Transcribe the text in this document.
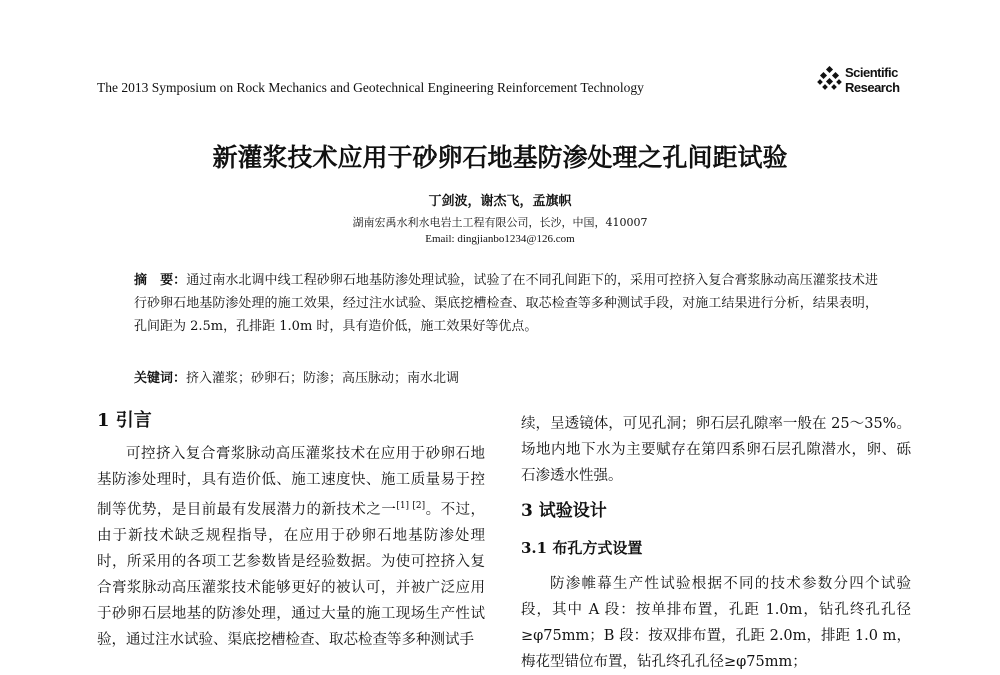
The 2013 Symposium on Rock Mechanics and Geotechnical Engineering Reinforcement Technology
Scientific
Research
新灌浆技术应用于砂卵石地基防渗处理之孔间距试验
丁剑波，谢杰飞，孟旗帜
湖南宏禹水利水电岩土工程有限公司，长沙，中国，410007
Email: dingjianbo1234@126.com
摘　要：通过南水北调中线工程砂卵石地基防渗处理试验，试验了在不同孔间距下的，采用可控挤入复合膏浆脉动高压灌浆技术进行砂卵石地基防渗处理的施工效果，经过注水试验、渠底挖槽检查、取芯检查等多种测试手段，对施工结果进行分析，结果表明，孔间距为 2.5m，孔排距 1.0m 时，具有造价低，施工效果好等优点。
关键词：挤入灌浆；砂卵石；防渗；高压脉动；南水北调
1 引言

可控挤入复合膏浆脉动高压灌浆技术在应用于砂卵石地基防渗处理时，具有造价低、施工速度快、施工质量易于控制等优势，是目前最有发展潜力的新技术之一[1] [2]。不过，由于新技术缺乏规程指导，在应用于砂卵石地基防渗处理时，所采用的各项工艺参数皆是经验数据。为使可控挤入复合膏浆脉动高压灌浆技术能够更好的被认可，并被广泛应用于砂卵石层地基的防渗处理，通过大量的施工现场生产性试验，通过注水试验、渠底挖槽检查、取芯检查等多种测试手

续，呈透镜体，可见孔洞；卵石层孔隙率一般在 25～35%。场地内地下水为主要赋存在第四系卵石层孔隙潜水，卵、砾石渗透水性强。

3 试验设计
3.1 布孔方式设置

防渗帷幕生产性试验根据不同的技术参数分四个试验段，其中 A 段：按单排布置，孔距 1.0m，钻孔终孔孔径≥φ75mm；B 段：按双排布置，孔距 2.0m，排距 1.0 m，梅花型错位布置，钻孔终孔孔径≥φ75mm；
